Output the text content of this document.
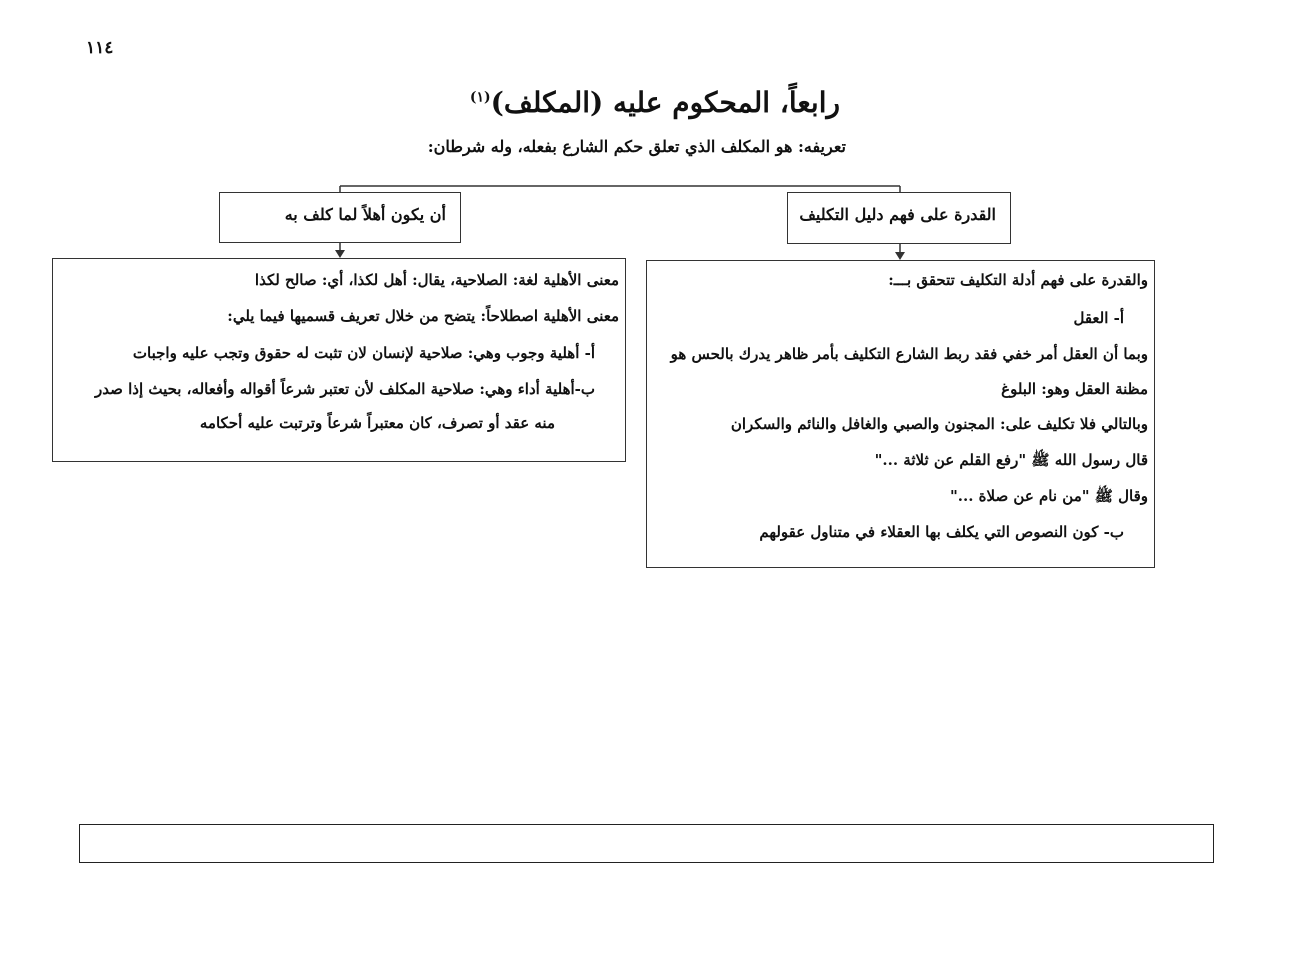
١١٤
رابعاً، المحكوم عليه (المكلف)$^{(١)}$
تعريفه: هو المكلف الذي تعلق حكم الشارع بفعله، وله شرطان:
القدرة على فهم دليل التكليف
أن يكون أهلاً لما كلف به
والقدرة على فهم أدلة التكليف تتحقق بـــ:
أ- العقل
وبما أن العقل أمر خفي فقد ربط الشارع التكليف بأمر ظاهر يدرك بالحس هو
مظنة العقل وهو: البلوغ
وبالتالي فلا تكليف على: المجنون والصبي والغافل والنائم والسكران
قال رسول الله ﷺ "رفع القلم عن ثلاثة ..."
وقال ﷺ "من نام عن صلاة ..."
ب- كون النصوص التي يكلف بها العقلاء في متناول عقولهم
معنى الأهلية لغة: الصلاحية، يقال: أهل لكذا، أي: صالح لكذا
معنى الأهلية اصطلاحاً: يتضح من خلال تعريف قسميها فيما يلي:
أ- أهلية وجوب وهي: صلاحية لإنسان لان تثبت له حقوق وتجب عليه واجبات
ب-أهلية أداء وهي: صلاحية المكلف لأن تعتبر شرعاً أقواله وأفعاله، بحيث إذا صدر
منه عقد أو تصرف، كان معتبراً شرعاً وترتبت عليه أحكامه
